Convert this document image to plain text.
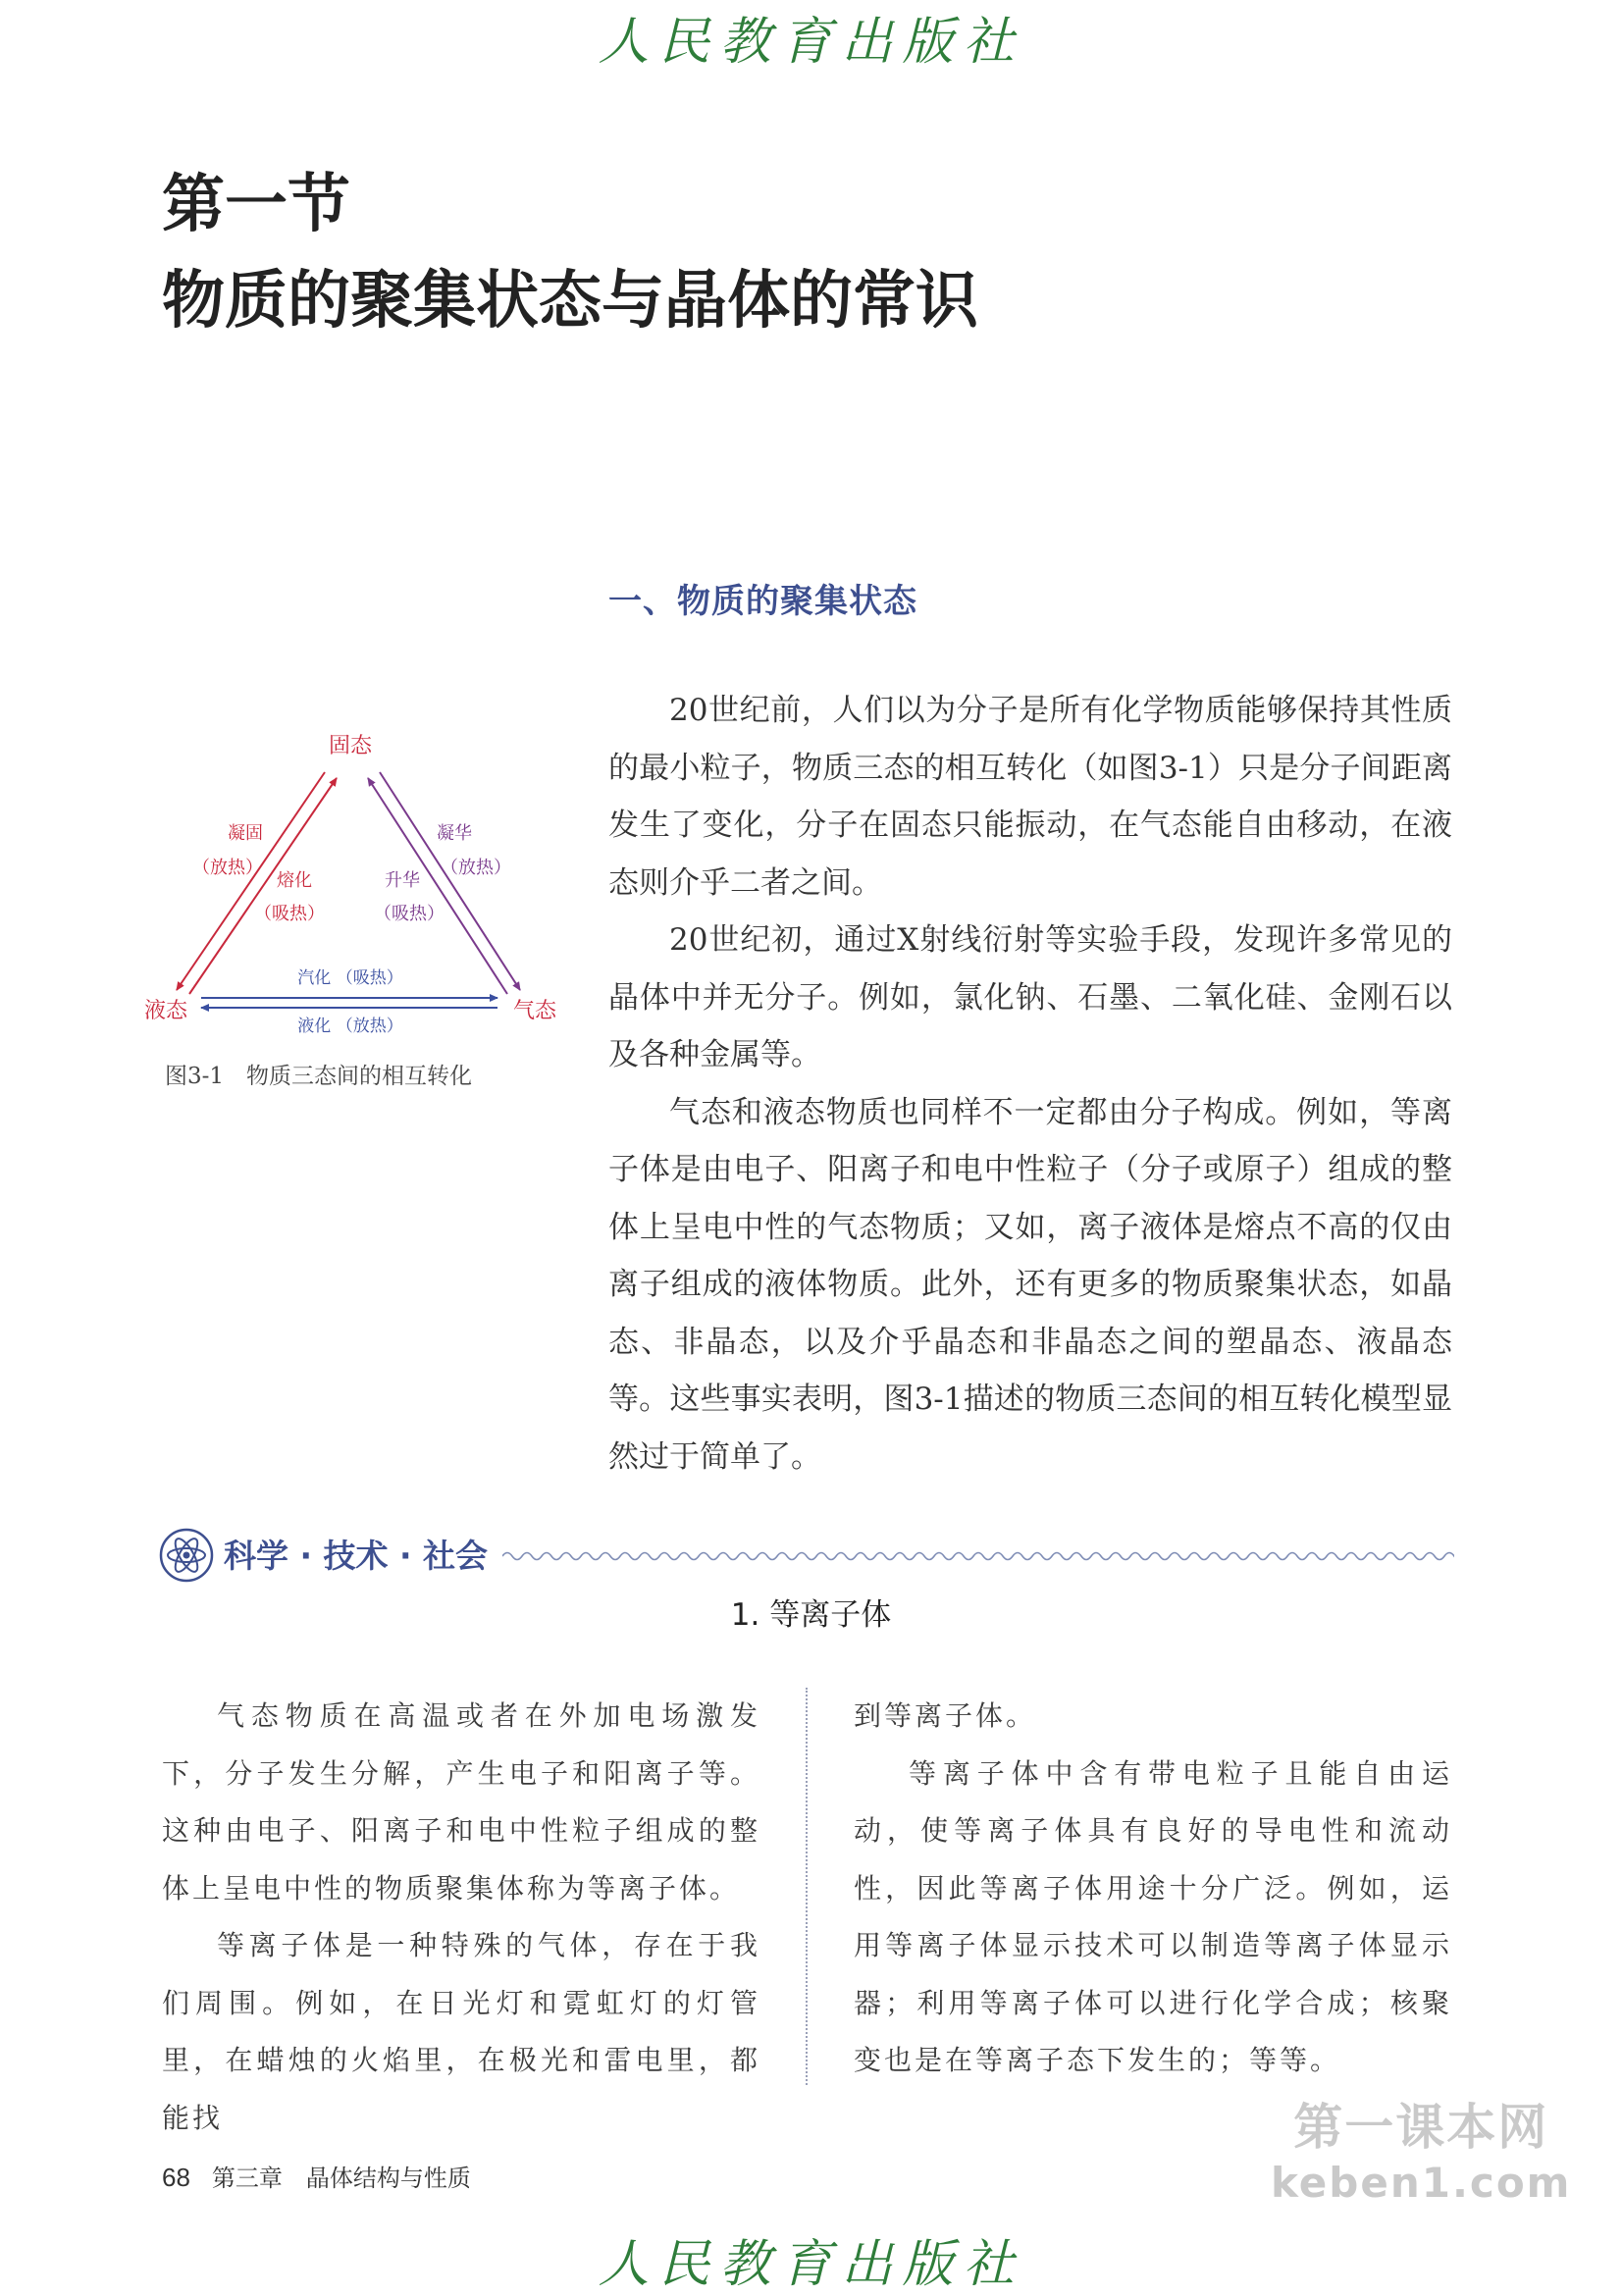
人民教育出版社
第一节
物质的聚集状态与晶体的常识
一、物质的聚集状态

20世纪前，人们以为分子是所有化学物质能够保持其性质的最小粒子，物质三态的相互转化（如图3-1）只是分子间距离发生了变化，分子在固态只能振动，在气态能自由移动，在液态则介乎二者之间。

20世纪初，通过X射线衍射等实验手段，发现许多常见的晶体中并无分子。例如，氯化钠、石墨、二氧化硅、金刚石以及各种金属等。

气态和液态物质也同样不一定都由分子构成。例如，等离子体是由电子、阳离子和电中性粒子（分子或原子）组成的整体上呈电中性的气态物质；又如，离子液体是熔点不高的仅由离子组成的液体物质。此外，还有更多的物质聚集状态，如晶态、非晶态，以及介乎晶态和非晶态之间的塑晶态、液晶态等。这些事实表明，图3-1描述的物质三态间的相互转化模型显然过于简单了。

固态
液态	气态
凝固
（放热）
熔化
（吸热）
凝华
（放热）
升华
（吸热）
汽化 （吸热）
液化 （放热）
图3-1　物质三态间的相互转化
科学 · 技术 · 社会
1. 等离子体

气态物质在高温或者在外加电场激发下，分子发生分解，产生电子和阳离子等。这种由电子、阳离子和电中性粒子组成的整体上呈电中性的物质聚集体称为等离子体。

等离子体是一种特殊的气体，存在于我们周围。例如，在日光灯和霓虹灯的灯管里，在蜡烛的火焰里，在极光和雷电里，都能找

到等离子体。

等离子体中含有带电粒子且能自由运动，使等离子体具有良好的导电性和流动性，因此等离子体用途十分广泛。例如，运用等离子体显示技术可以制造等离子体显示器；利用等离子体可以进行化学合成；核聚变也是在等离子态下发生的；等等。

68 第三章　晶体结构与性质
第一课本网
keben1.com
人民教育出版社
